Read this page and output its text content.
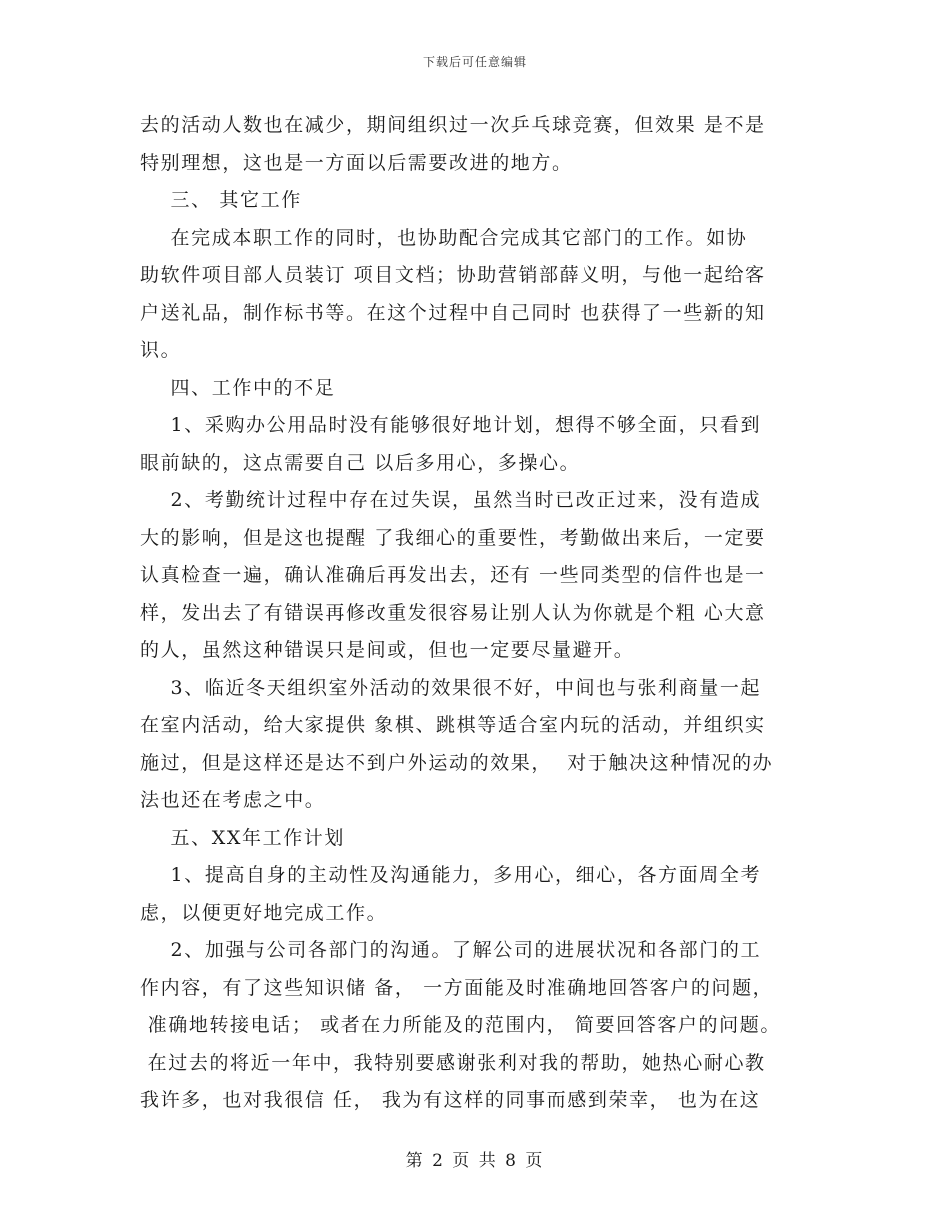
下载后可任意编辑
去的活动人数也在减少，期间组织过一次乒乓球竞赛，但效果 是不是
特别理想，这也是一方面以后需要改进的地方。
三、 其它工作
在完成本职工作的同时，也协助配合完成其它部门的工作。如协
助软件项目部人员装订 项目文档；协助营销部薛义明，与他一起给客
户送礼品，制作标书等。在这个过程中自己同时 也获得了一些新的知
识。
四、工作中的不足
1、采购办公用品时没有能够很好地计划，想得不够全面，只看到
眼前缺的，这点需要自己 以后多用心，多操心。
2、考勤统计过程中存在过失误，虽然当时已改正过来，没有造成
大的影响，但是这也提醒 了我细心的重要性，考勤做出来后，一定要
认真检查一遍，确认准确后再发出去，还有 一些同类型的信件也是一
样，发出去了有错误再修改重发很容易让别人认为你就是个粗 心大意
的人，虽然这种错误只是间或，但也一定要尽量避开。
3、临近冬天组织室外活动的效果很不好，中间也与张利商量一起
在室内活动，给大家提供 象棋、跳棋等适合室内玩的活动，并组织实
施过，但是这样还是达不到户外运动的效果，  对于触决这种情况的办
法也还在考虑之中。
五、XX年工作计划
1、提高自身的主动性及沟通能力，多用心，细心，各方面周全考
虑，以便更好地完成工作。
2、加强与公司各部门的沟通。了解公司的进展状况和各部门的工
作内容，有了这些知识储 备， 一方面能及时准确地回答客户的问题，
准确地转接电话； 或者在力所能及的范围内， 简要回答客户的问题。
在过去的将近一年中，我特别要感谢张利对我的帮助，她热心耐心教
我许多，也对我很信 任， 我为有这样的同事而感到荣幸， 也为在这
第 2 页 共 8 页
